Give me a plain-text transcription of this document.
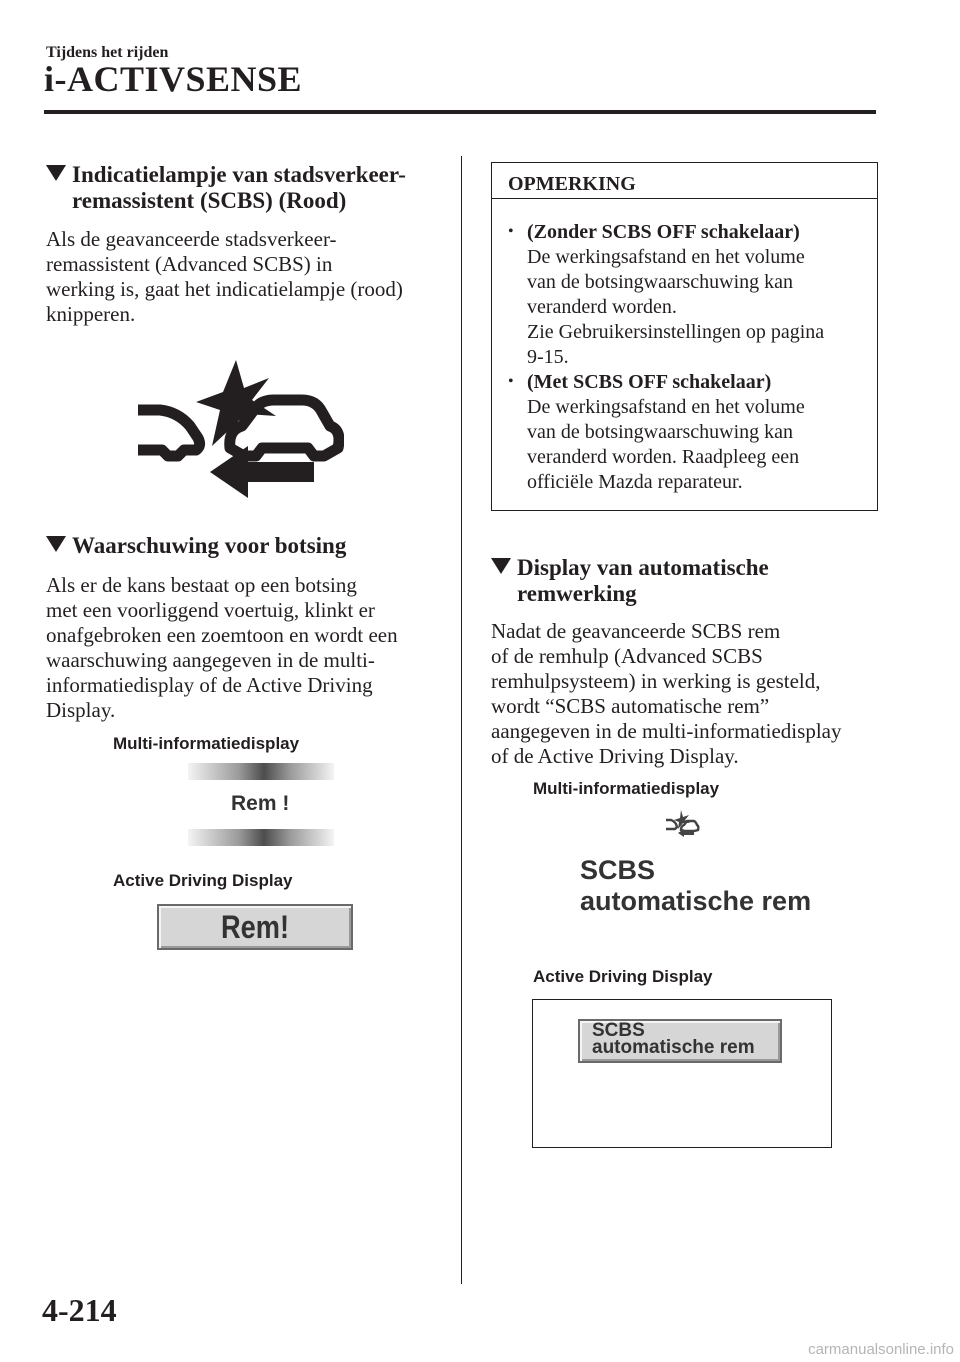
Tijdens het rijden
i-ACTIVSENSE
Indicatielampje van stadsverkeer-
remassistent (SCBS) (Rood)
Als de geavanceerde stadsverkeer-
remassistent (Advanced SCBS) in
werking is, gaat het indicatielampje (rood)
knipperen.
Waarschuwing voor botsing
Als er de kans bestaat op een botsing
met een voorliggend voertuig, klinkt er
onafgebroken een zoemtoon en wordt een
waarschuwing aangegeven in de multi-
informatiedisplay of de Active Driving
Display.
Multi-informatiedisplay
Rem !
Active Driving Display
Rem!
OPMERKING
• (Zonder SCBS OFF schakelaar)
De werkingsafstand en het volume
van de botsingwaarschuwing kan
veranderd worden.
Zie Gebruikersinstellingen op pagina
9-15.
• (Met SCBS OFF schakelaar)
De werkingsafstand en het volume
van de botsingwaarschuwing kan
veranderd worden. Raadpleeg een
officiële Mazda reparateur.
Display van automatische
remwerking
Nadat de geavanceerde SCBS rem
of de remhulp (Advanced SCBS
remhulpsysteem) in werking is gesteld,
wordt “SCBS automatische rem”
aangegeven in de multi-informatiedisplay
of de Active Driving Display.
Multi-informatiedisplay
SCBS
automatische rem
Active Driving Display
SCBS
automatische rem
4-214
carmanualsonline.info
